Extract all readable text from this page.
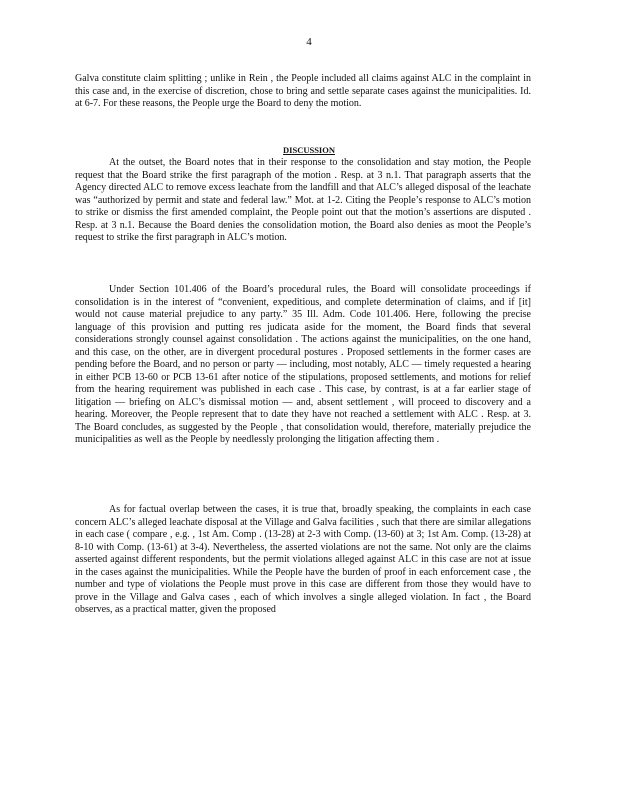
4

Galva constitute claim splitting ; unlike in Rein , the People included all claims against ALC in the complaint in this case and, in the exercise of discretion, chose to bring and settle separate cases against the municipalities. Id. at 6-7. For these reasons, the People urge the Board to deny the motion.

DISCUSSION

At the outset, the Board notes that in their response to the consolidation and stay motion, the People request that the Board strike the first paragraph of the motion . Resp. at 3 n.1. That paragraph asserts that the Agency directed ALC to remove excess leachate from the landfill and that ALC’s alleged disposal of the leachate was “authorized by permit and state and federal law.” Mot. at 1-2. Citing the People’s response to ALC’s motion to strike or dismiss the first amended complaint, the People point out that the motion’s assertions are disputed . Resp. at 3 n.1. Because the Board denies the consolidation motion, the Board also denies as moot the People’s request to strike the first paragraph in ALC’s motion.

Under Section 101.406 of the Board’s procedural rules, the Board will consolidate proceedings if consolidation is in the interest of “convenient, expeditious, and complete determination of claims, and if [it] would not cause material prejudice to any party.” 35 Ill. Adm. Code 101.406. Here, following the precise language of this provision and putting res judicata aside for the moment, the Board finds that several considerations strongly counsel against consolidation . The actions against the municipalities, on the one hand, and this case, on the other, are in divergent procedural postures . Proposed settlements in the former cases are pending before the Board, and no person or party — including, most notably, ALC — timely requested a hearing in either PCB 13-60 or PCB 13-61 after notice of the stipulations, proposed settlements, and motions for relief from the hearing requirement was published in each case . This case, by contrast, is at a far earlier stage of litigation — briefing on ALC’s dismissal motion — and, absent settlement , will proceed to discovery and a hearing. Moreover, the People represent that to date they have not reached a settlement with ALC . Resp. at 3. The Board concludes, as suggested by the People , that consolidation would, therefore, materially prejudice the municipalities as well as the People by needlessly prolonging the litigation affecting them .

As for factual overlap between the cases, it is true that, broadly speaking, the complaints in each case concern ALC’s alleged leachate disposal at the Village and Galva facilities , such that there are similar allegations in each case ( compare , e.g. , 1st Am. Comp . (13-28) at 2-3 with Comp. (13-60) at 3; 1st Am. Comp. (13-28) at 8-10 with Comp. (13-61) at 3-4). Nevertheless, the asserted violations are not the same. Not only are the claims asserted against different respondents, but the permit violations alleged against ALC in this case are not at issue in the cases against the municipalities. While the People have the burden of proof in each enforcement case , the number and type of violations the People must prove in this case are different from those they would have to prove in the Village and Galva cases , each of which involves a single alleged violation. In fact , the Board observes, as a practical matter, given the proposed
